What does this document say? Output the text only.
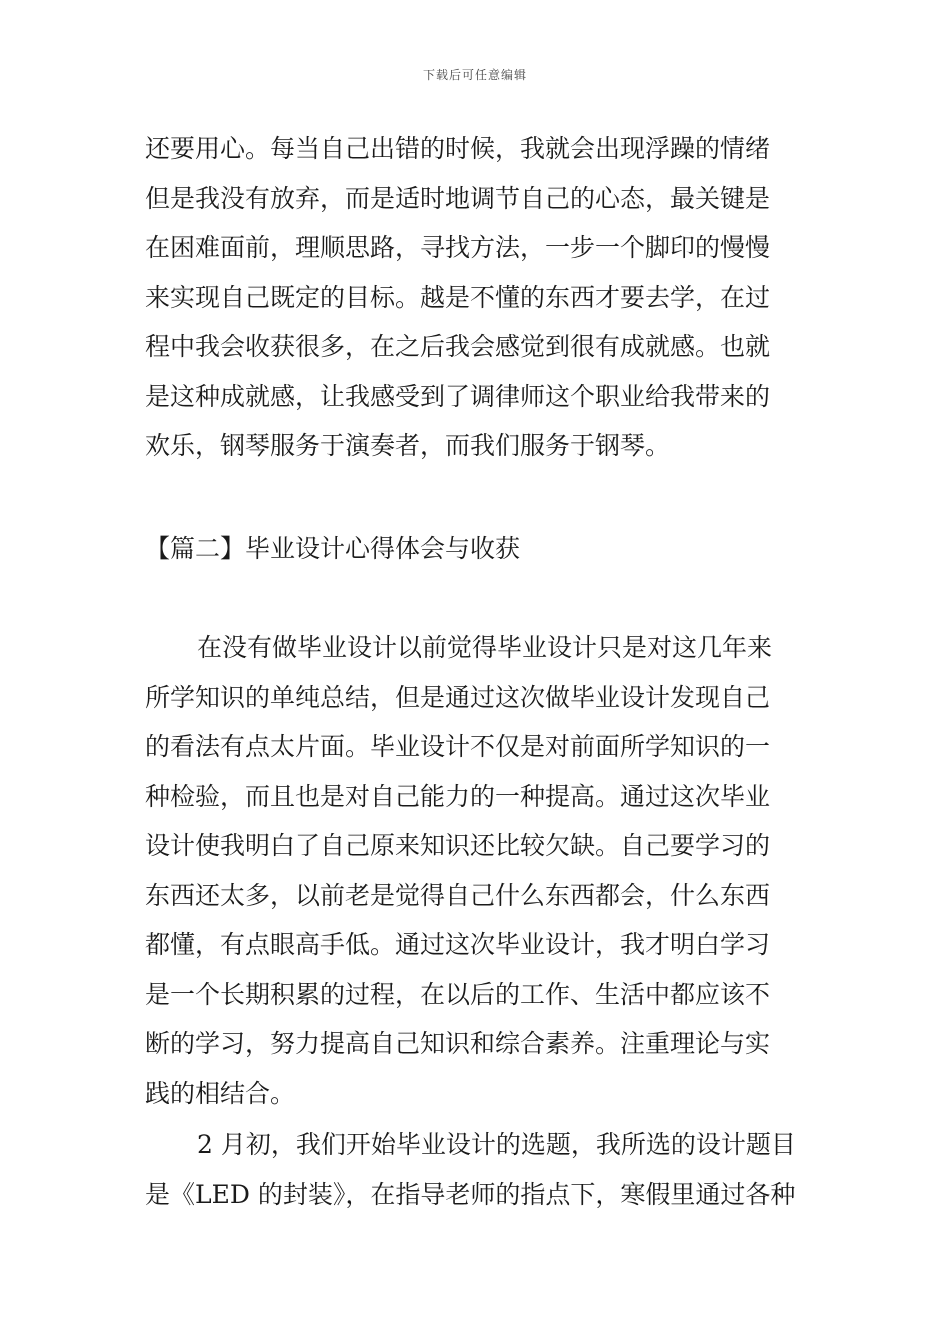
下载后可任意编辑
还要用心。每当自己出错的时候，我就会出现浮躁的情绪
但是我没有放弃，而是适时地调节自己的心态，最关键是
在困难面前，理顺思路，寻找方法，一步一个脚印的慢慢
来实现自己既定的目标。越是不懂的东西才要去学，在过
程中我会收获很多，在之后我会感觉到很有成就感。也就
是这种成就感，让我感受到了调律师这个职业给我带来的
欢乐，钢琴服务于演奏者，而我们服务于钢琴。
【篇二】毕业设计心得体会与收获
在没有做毕业设计以前觉得毕业设计只是对这几年来
所学知识的单纯总结，但是通过这次做毕业设计发现自己
的看法有点太片面。毕业设计不仅是对前面所学知识的一
种检验，而且也是对自己能力的一种提高。通过这次毕业
设计使我明白了自己原来知识还比较欠缺。自己要学习的
东西还太多，以前老是觉得自己什么东西都会，什么东西
都懂，有点眼高手低。通过这次毕业设计，我才明白学习
是一个长期积累的过程，在以后的工作、生活中都应该不
断的学习，努力提高自己知识和综合素养。注重理论与实
践的相结合。
2 月初，我们开始毕业设计的选题，我所选的设计题目
是《LED 的封装》，在指导老师的指点下，寒假里通过各种
